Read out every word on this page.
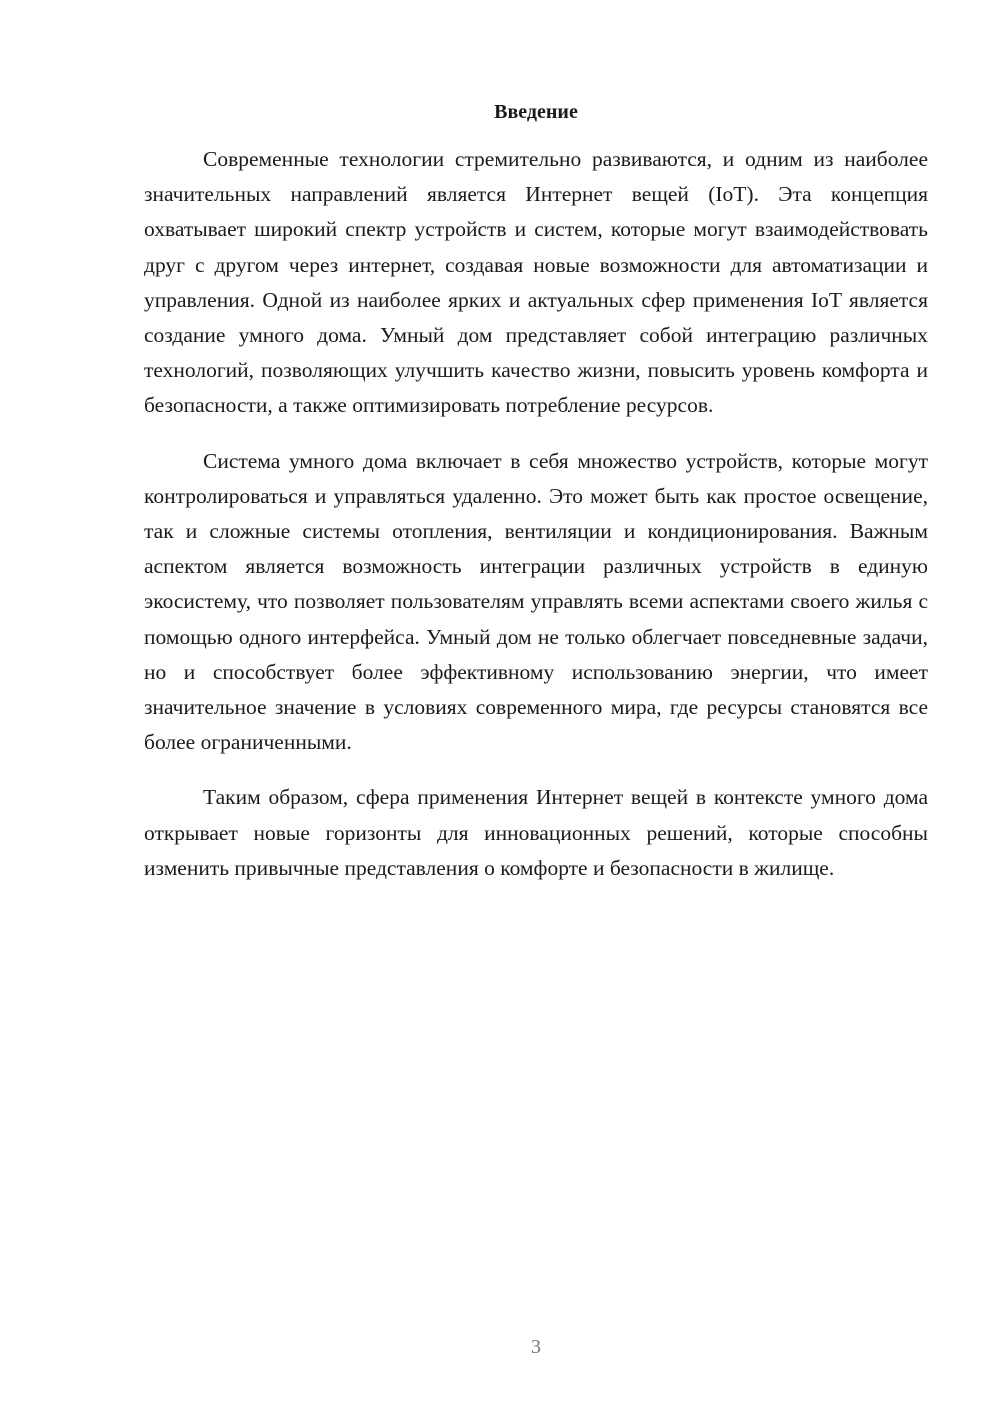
Введение

Современные технологии стремительно развиваются, и одним из наиболее значительных направлений является Интернет вещей (IoT). Эта концепция охватывает широкий спектр устройств и систем, которые могут взаимодействовать друг с другом через интернет, создавая новые возможности для автоматизации и управления. Одной из наиболее ярких и актуальных сфер применения IoT является создание умного дома. Умный дом представляет собой интеграцию различных технологий, позволяющих улучшить качество жизни, повысить уровень комфорта и безопасности, а также оптимизировать потребление ресурсов.

Система умного дома включает в себя множество устройств, которые могут контролироваться и управляться удаленно. Это может быть как простое освещение, так и сложные системы отопления, вентиляции и кондиционирования. Важным аспектом является возможность интеграции различных устройств в единую экосистему, что позволяет пользователям управлять всеми аспектами своего жилья с помощью одного интерфейса. Умный дом не только облегчает повседневные задачи, но и способствует более эффективному использованию энергии, что имеет значительное значение в условиях современного мира, где ресурсы становятся все более ограниченными.

Таким образом, сфера применения Интернет вещей в контексте умного дома открывает новые горизонты для инновационных решений, которые способны изменить привычные представления о комфорте и безопасности в жилище.

3
